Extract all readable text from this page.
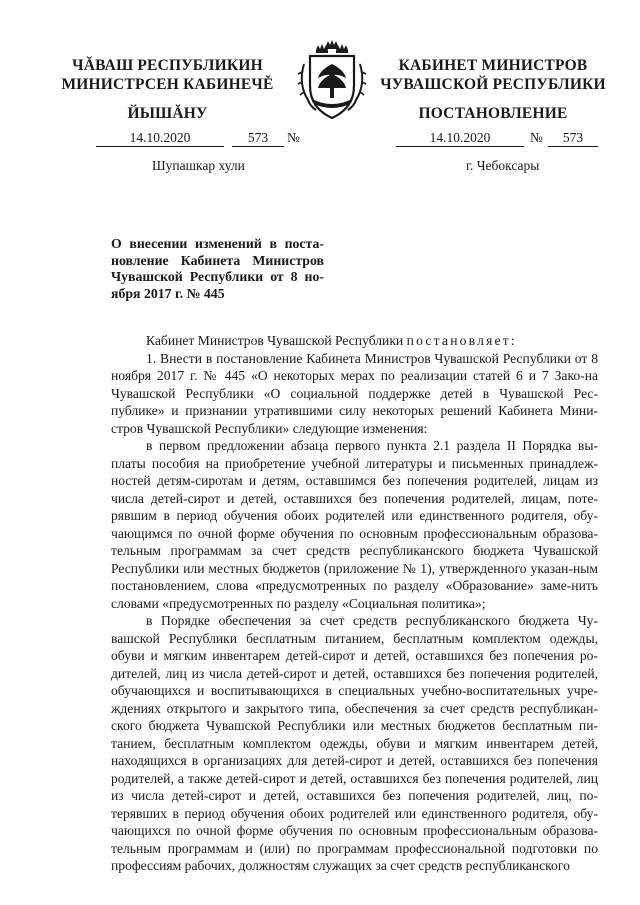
ЧĂВАШ РЕСПУБЛИКИН
МИНИСТРСЕН КАБИНЕЧĚ
ЙЫШĂНУ
КАБИНЕТ МИНИСТРОВ
ЧУВАШСКОЙ РЕСПУБЛИКИ
ПОСТАНОВЛЕНИЕ
14.10.2020	573	№	14.10.2020	№	573
Шупашкар хули	г. Чебоксары
О внесении изменений в поста-новление Кабинета Министров Чувашской Республики от 8 но-ября 2017 г. № 445

Кабинет Министров Чувашской Республики постановляет:

1. Внести в постановление Кабинета Министров Чувашской Республики от 8 ноября 2017 г. № 445 «О некоторых мерах по реализации статей 6 и 7 Зако-на Чувашской Республики «О социальной поддержке детей в Чувашской Рес-публике» и признании утратившими силу некоторых решений Кабинета Мини-стров Чувашской Республики» следующие изменения:

в первом предложении абзаца первого пункта 2.1 раздела II Порядка вы-платы пособия на приобретение учебной литературы и письменных принадлеж-ностей детям-сиротам и детям, оставшимся без попечения родителей, лицам из числа детей-сирот и детей, оставшихся без попечения родителей, лицам, поте-рявшим в период обучения обоих родителей или единственного родителя, обу-чающимся по очной форме обучения по основным профессиональным образова-тельным программам за счет средств республиканского бюджета Чувашской Республики или местных бюджетов (приложение № 1), утвержденного указан-ным постановлением, слова «предусмотренных по разделу «Образование» заме-нить словами «предусмотренных по разделу «Социальная политика»;

в Порядке обеспечения за счет средств республиканского бюджета Чу-вашской Республики бесплатным питанием, бесплатным комплектом одежды, обуви и мягким инвентарем детей-сирот и детей, оставшихся без попечения ро-дителей, лиц из числа детей-сирот и детей, оставшихся без попечения родителей, обучающихся и воспитывающихся в специальных учебно-воспитательных учре-ждениях открытого и закрытого типа, обеспечения за счет средств республикан-ского бюджета Чувашской Республики или местных бюджетов бесплатным пи-танием, бесплатным комплектом одежды, обуви и мягким инвентарем детей, находящихся в организациях для детей-сирот и детей, оставшихся без попечения родителей, а также детей-сирот и детей, оставшихся без попечения родителей, лиц из числа детей-сирот и детей, оставшихся без попечения родителей, лиц, по-терявших в период обучения обоих родителей или единственного родителя, обу-чающихся по очной форме обучения по основным профессиональным образова-тельным программам и (или) по программам профессиональной подготовки по профессиям рабочих, должностям служащих за счет средств республиканского
